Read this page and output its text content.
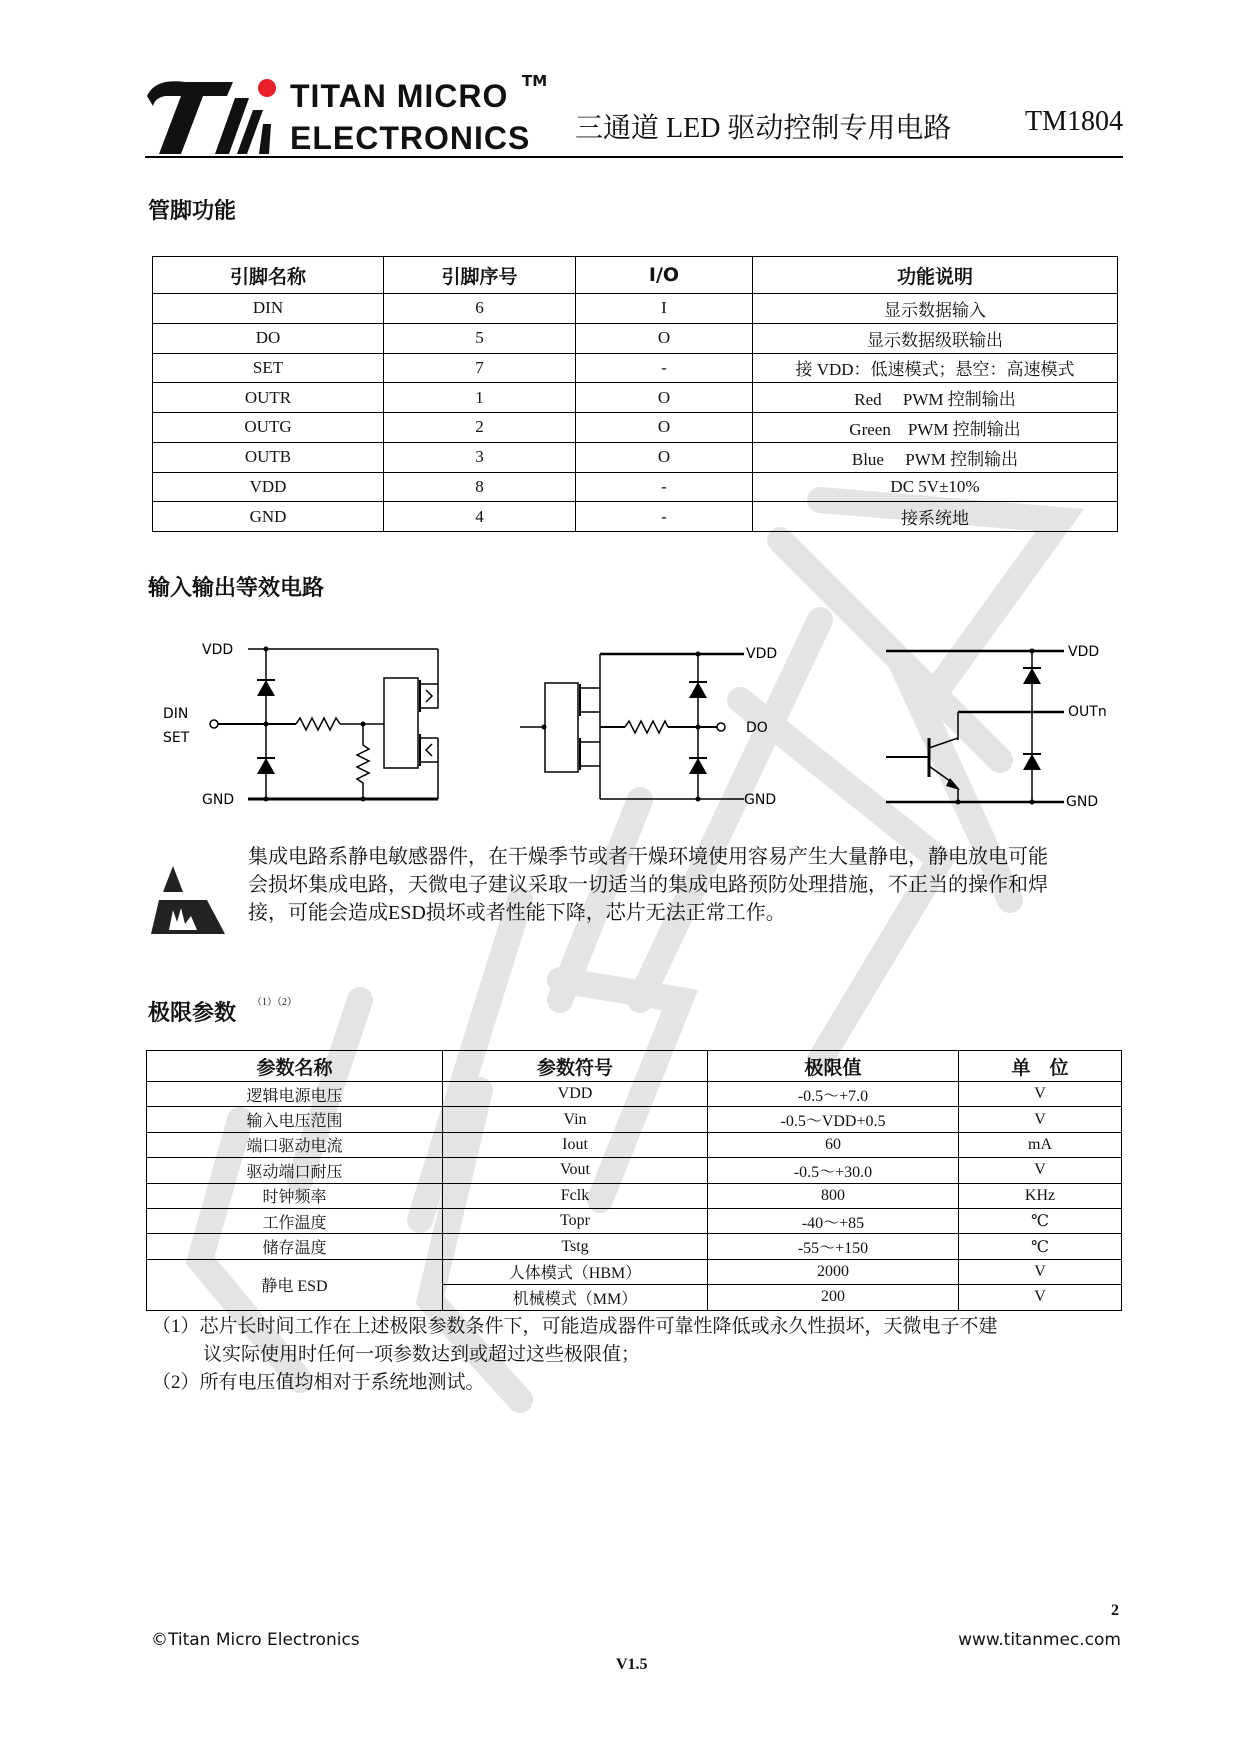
TITAN MICRO TM
ELECTRONICS 三通道 LED 驱动控制专用电路	TM1804
管脚功能
引脚名称	引脚序号	I/O	功能说明
DIN	6	I	显示数据输入
DO	5	O	显示数据级联输出
SET	7	-	接 VDD：低速模式；悬空：高速模式
OUTR	1	O	Red　 PWM 控制输出
OUTG	2	O	Green　PWM 控制输出
OUTB	3	O	Blue　 PWM 控制输出
VDD	8	-	DC 5V±10%
GND	4	-	接系统地
输入输出等效电路
VDD
GND
DIN
SET
VDD
DO
GND
VDD
OUTn
GND
集成电路系静电敏感器件，在干燥季节或者干燥环境使用容易产生大量静电，静电放电可能
会损坏集成电路，天微电子建议采取一切适当的集成电路预防处理措施，不正当的操作和焊
接，可能会造成ESD损坏或者性能下降，芯片无法正常工作。
极限参数 （1）（2）
参数名称	参数符号	极限值	单　位
逻辑电源电压	VDD	-0.5～+7.0	V
输入电压范围	Vin	-0.5～VDD+0.5	V
端口驱动电流	Iout	60	mA
驱动端口耐压	Vout	-0.5～+30.0	V
时钟频率	Fclk	800	KHz
工作温度	Topr	-40～+85	℃
储存温度	Tstg	-55～+150	℃
静电 ESD	人体模式（HBM）	2000	V
	机械模式（MM）	200	V
（1）芯片长时间工作在上述极限参数条件下，可能造成器件可靠性降低或永久性损坏，天微电子不建
议实际使用时任何一项参数达到或超过这些极限值；
（2）所有电压值均相对于系统地测试。
2
©Titan Micro Electronics	www.titanmec.com
V1.5
